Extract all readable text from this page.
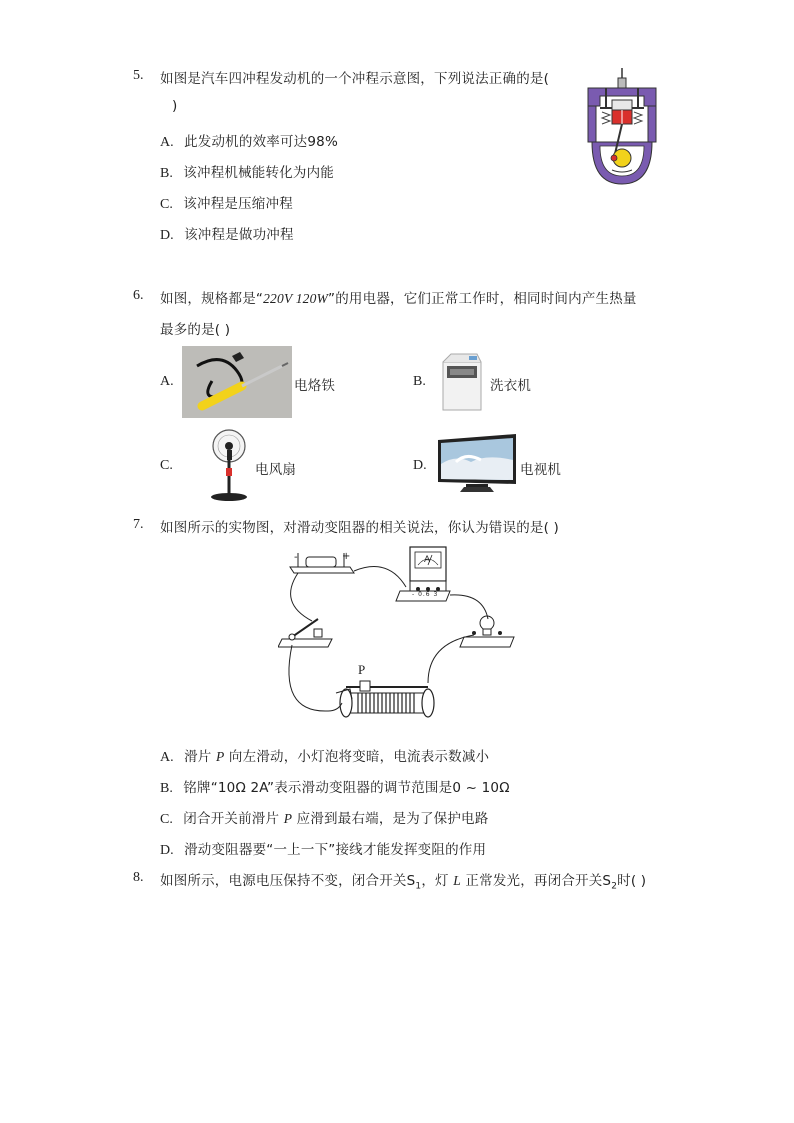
5. 如图是汽车四冲程发动机的一个冲程示意图，下列说法正确的是(
)
A. 此发动机的效率可达98%
B. 该冲程机械能转化为内能
C. 该冲程是压缩冲程
D. 该冲程是做功冲程
6. 如图，规格都是“220V 120W”的用电器，它们正常工作时，相同时间内产生热量
最多的是( )
A.	电烙铁	B.	洗衣机
C.	电风扇	D.	电视机
7. 如图所示的实物图，对滑动变阻器的相关说法，你认为错误的是( )
-	+	A
- 0.6 3
P
A. 滑片 P 向左滑动，小灯泡将变暗，电流表示数减小
B. 铭牌“10Ω 2A”表示滑动变阻器的调节范围是0 ~ 10Ω
C. 闭合开关前滑片 P 应滑到最右端，是为了保护电路
D. 滑动变阻器要“一上一下”接线才能发挥变阻的作用
8. 如图所示，电源电压保持不变，闭合开关$S_1$，灯 L 正常发光，再闭合开关$S_2$时( )
